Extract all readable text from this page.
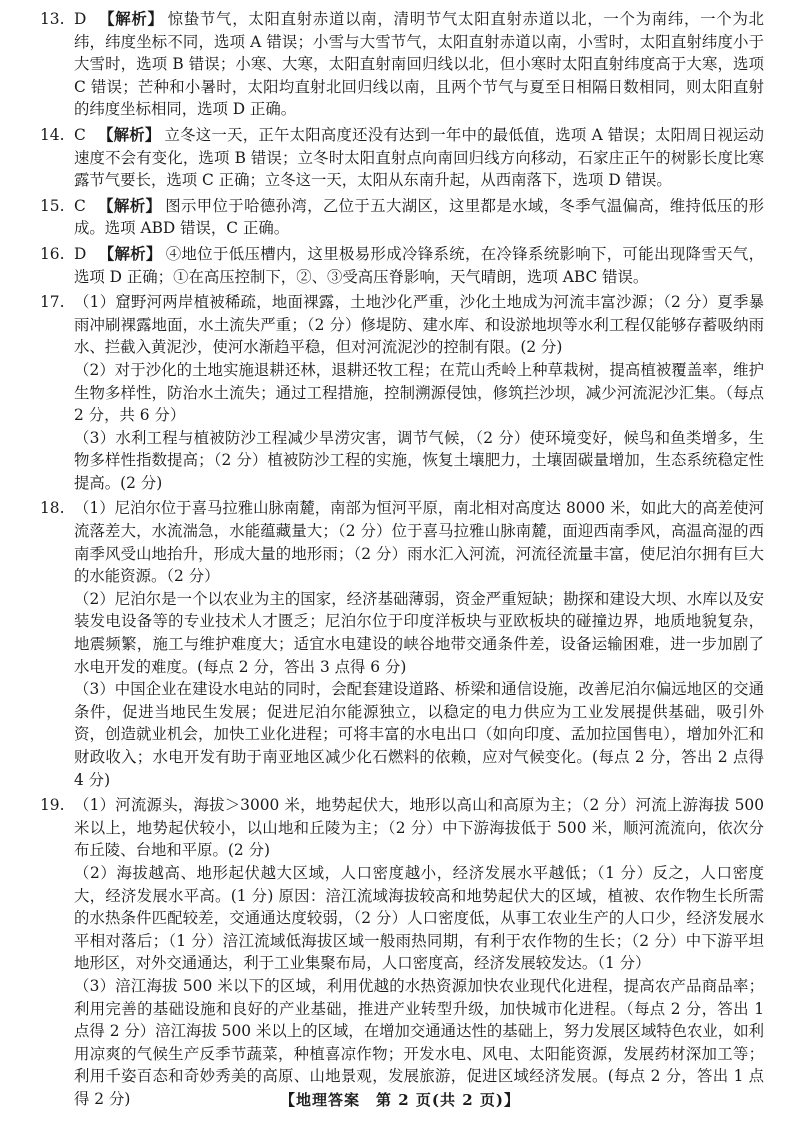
13. D 【解析】 惊蛰节气，太阳直射赤道以南，清明节气太阳直射赤道以北，一个为南纬，一个为北纬，纬度坐标不同，选项 A 错误；小雪与大雪节气，太阳直射赤道以南，小雪时，太阳直射纬度小于大雪时，选项 B 错误；小寒、大寒，太阳直射南回归线以北，但小寒时太阳直射纬度高于大寒，选项 C 错误；芒种和小暑时，太阳均直射北回归线以南，且两个节气与夏至日相隔日数相同，则太阳直射的纬度坐标相同，选项 D 正确。
14. C 【解析】 立冬这一天，正午太阳高度还没有达到一年中的最低值，选项 A 错误；太阳周日视运动速度不会有变化，选项 B 错误；立冬时太阳直射点向南回归线方向移动，石家庄正午的树影长度比寒露节气要长，选项 C 正确；立冬这一天，太阳从东南升起，从西南落下，选项 D 错误。
15. C 【解析】 图示甲位于哈德孙湾，乙位于五大湖区，这里都是水域，冬季气温偏高，维持低压的形成。选项 ABD 错误，C 正确。
16. D 【解析】 ④地位于低压槽内，这里极易形成冷锋系统，在冷锋系统影响下，可能出现降雪天气，选项 D 正确；①在高压控制下，②、③受高压脊影响，天气晴朗，选项 ABC 错误。
17. （1）窟野河两岸植被稀疏，地面裸露，土地沙化严重，沙化土地成为河流丰富沙源；（2 分）夏季暴雨冲刷裸露地面，水土流失严重；（2 分）修堤防、建水库、和设淤地坝等水利工程仅能够存蓄吸纳雨水、拦截入黄泥沙，使河水渐趋平稳，但对河流泥沙的控制有限。(2 分)

（2）对于沙化的土地实施退耕还林，退耕还牧工程；在荒山秃岭上种草栽树，提高植被覆盖率，维护生物多样性，防治水土流失；通过工程措施，控制溯源侵蚀，修筑拦沙坝，减少河流泥沙汇集。（每点 2 分，共 6 分）

（3）水利工程与植被防沙工程减少旱涝灾害，调节气候，（2 分）使环境变好，候鸟和鱼类增多，生物多样性指数提高；（2 分）植被防沙工程的实施，恢复土壤肥力，土壤固碳量增加，生态系统稳定性提高。(2 分)

18. （1）尼泊尔位于喜马拉雅山脉南麓，南部为恒河平原，南北相对高度达 8000 米，如此大的高差使河流落差大，水流湍急，水能蕴藏量大；（2 分）位于喜马拉雅山脉南麓，面迎西南季风，高温高湿的西南季风受山地抬升，形成大量的地形雨；（2 分）雨水汇入河流，河流径流量丰富，使尼泊尔拥有巨大的水能资源。（2 分）

（2）尼泊尔是一个以农业为主的国家，经济基础薄弱，资金严重短缺；勘探和建设大坝、水库以及安装发电设备等的专业技术人才匮乏；尼泊尔位于印度洋板块与亚欧板块的碰撞边界，地质地貌复杂，地震频繁，施工与维护难度大；适宜水电建设的峡谷地带交通条件差，设备运输困难，进一步加剧了水电开发的难度。(每点 2 分，答出 3 点得 6 分)

（3）中国企业在建设水电站的同时，会配套建设道路、桥梁和通信设施，改善尼泊尔偏远地区的交通条件，促进当地民生发展；促进尼泊尔能源独立，以稳定的电力供应为工业发展提供基础，吸引外资，创造就业机会，加快工业化进程；可将丰富的水电出口（如向印度、孟加拉国售电），增加外汇和财政收入；水电开发有助于南亚地区减少化石燃料的依赖，应对气候变化。(每点 2 分，答出 2 点得 4 分)

19. （1）河流源头，海拔＞3000 米，地势起伏大，地形以高山和高原为主；（2 分）河流上游海拔 500 米以上，地势起伏较小，以山地和丘陵为主；（2 分）中下游海拔低于 500 米，顺河流流向，依次分布丘陵、台地和平原。(2 分)

（2）海拔越高、地形起伏越大区域，人口密度越小，经济发展水平越低；（1 分）反之，人口密度大，经济发展水平高。(1 分) 原因：涪江流域海拔较高和地势起伏大的区域，植被、农作物生长所需的水热条件匹配较差，交通通达度较弱，（2 分）人口密度低，从事工农业生产的人口少，经济发展水平相对落后；（1 分）涪江流域低海拔区域一般雨热同期，有利于农作物的生长；（2 分）中下游平坦地形区，对外交通通达，利于工业集聚布局，人口密度高，经济发展较发达。（1 分）

（3）涪江海拔 500 米以下的区域，利用优越的水热资源加快农业现代化进程，提高农产品商品率；利用完善的基础设施和良好的产业基础，推进产业转型升级，加快城市化进程。（每点 2 分，答出 1 点得 2 分）涪江海拔 500 米以上的区域，在增加交通通达性的基础上，努力发展区域特色农业，如利用凉爽的气候生产反季节蔬菜，种植喜凉作物；开发水电、风电、太阳能资源，发展药材深加工等；利用千姿百态和奇妙秀美的高原、山地景观，发展旅游，促进区域经济发展。(每点 2 分，答出 1 点得 2 分)	【地理答案　第 2 页(共 2 页)】
